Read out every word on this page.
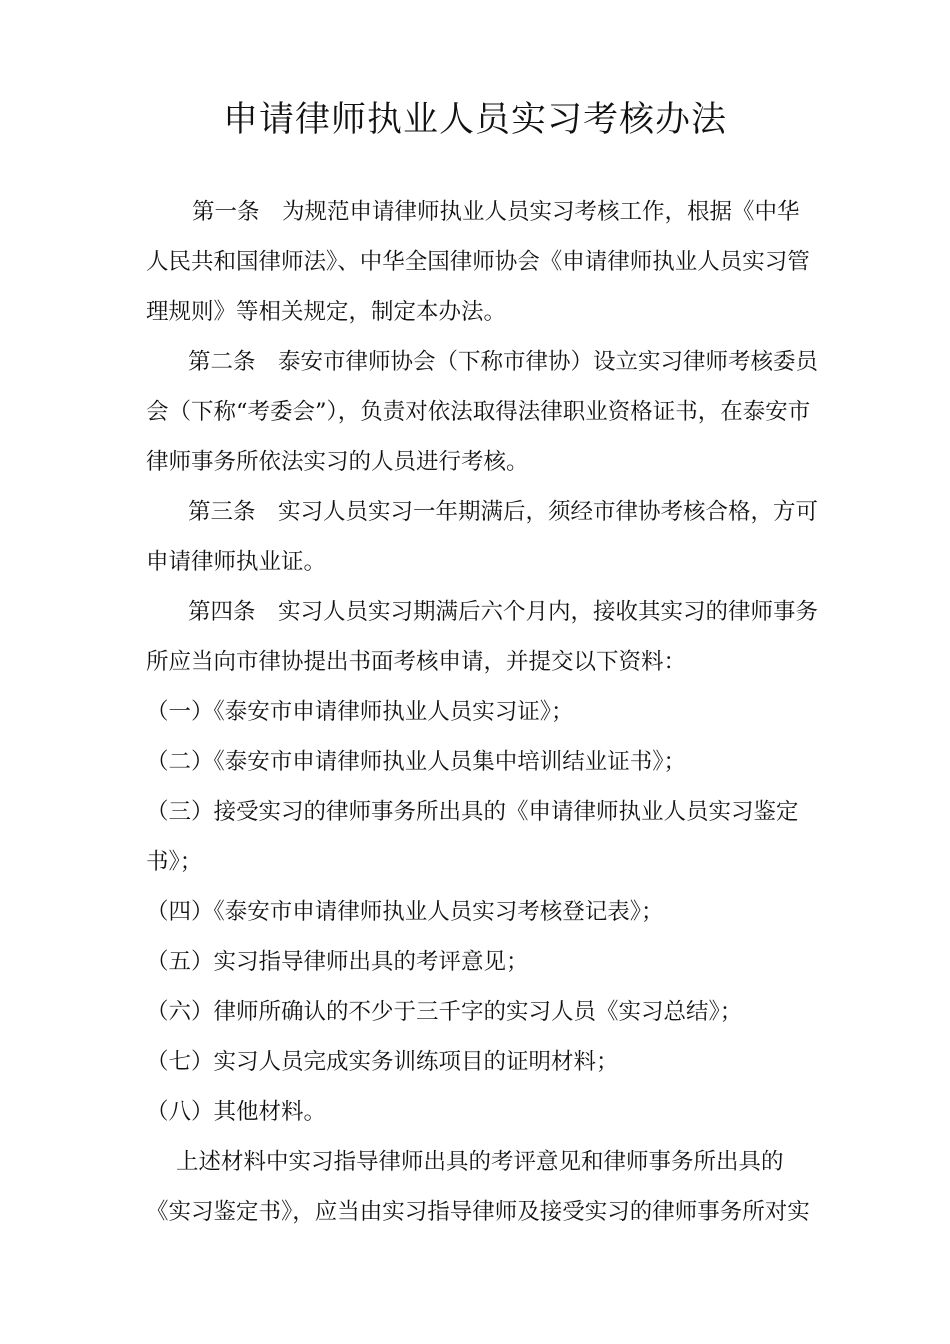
申请律师执业人员实习考核办法
第一条　为规范申请律师执业人员实习考核工作，根据《中华
人民共和国律师法》、中华全国律师协会《申请律师执业人员实习管
理规则》等相关规定，制定本办法。
第二条　泰安市律师协会（下称市律协）设立实习律师考核委员
会（下称“考委会”），负责对依法取得法律职业资格证书，在泰安市
律师事务所依法实习的人员进行考核。
第三条　实习人员实习一年期满后，须经市律协考核合格，方可
申请律师执业证。
第四条　实习人员实习期满后六个月内，接收其实习的律师事务
所应当向市律协提出书面考核申请，并提交以下资料：
（一）《泰安市申请律师执业人员实习证》；
（二）《泰安市申请律师执业人员集中培训结业证书》；
（三）接受实习的律师事务所出具的《申请律师执业人员实习鉴定
书》；
（四）《泰安市申请律师执业人员实习考核登记表》；
（五）实习指导律师出具的考评意见；
（六）律师所确认的不少于三千字的实习人员《实习总结》；
（七）实习人员完成实务训练项目的证明材料；
（八）其他材料。
上述材料中实习指导律师出具的考评意见和律师事务所出具的
《实习鉴定书》，应当由实习指导律师及接受实习的律师事务所对实
